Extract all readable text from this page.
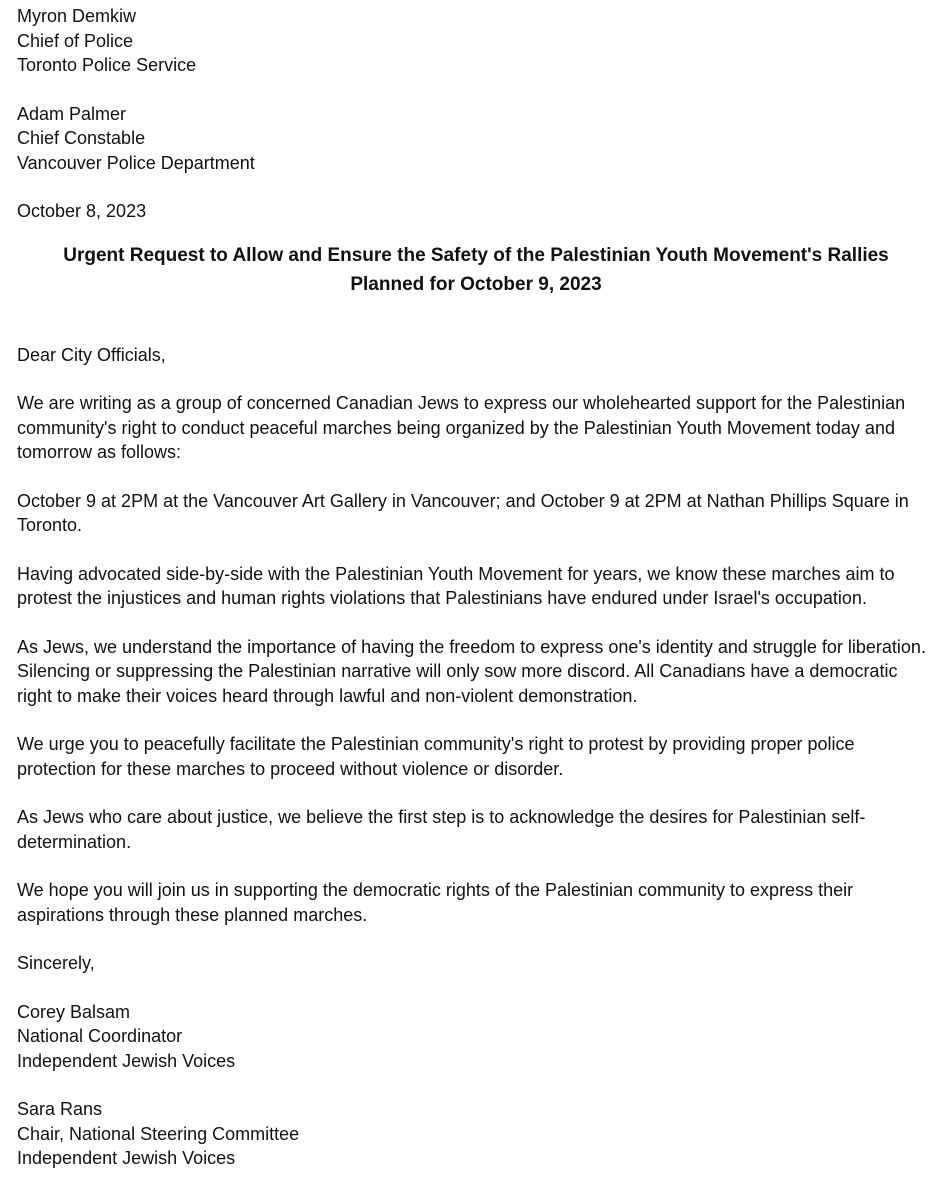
Myron Demkiw
Chief of Police
Toronto Police Service
Adam Palmer
Chief Constable
Vancouver Police Department
October 8, 2023
Urgent Request to Allow and Ensure the Safety of the Palestinian Youth Movement's Rallies
Planned for October 9, 2023

Dear City Officials,

We are writing as a group of concerned Canadian Jews to express our wholehearted support for the Palestinian community's right to conduct peaceful marches being organized by the Palestinian Youth Movement today and tomorrow as follows:

October 9 at 2PM at the Vancouver Art Gallery in Vancouver; and October 9 at 2PM at Nathan Phillips Square in Toronto.

Having advocated side-by-side with the Palestinian Youth Movement for years, we know these marches aim to protest the injustices and human rights violations that Palestinians have endured under Israel's occupation.

As Jews, we understand the importance of having the freedom to express one's identity and struggle for liberation. Silencing or suppressing the Palestinian narrative will only sow more discord. All Canadians have a democratic right to make their voices heard through lawful and non-violent demonstration.

We urge you to peacefully facilitate the Palestinian community's right to protest by providing proper police protection for these marches to proceed without violence or disorder.

As Jews who care about justice, we believe the first step is to acknowledge the desires for Palestinian self-determination.

We hope you will join us in supporting the democratic rights of the Palestinian community to express their aspirations through these planned marches.

Sincerely,

Corey Balsam
National Coordinator
Independent Jewish Voices
Sara Rans
Chair, National Steering Committee
Independent Jewish Voices
